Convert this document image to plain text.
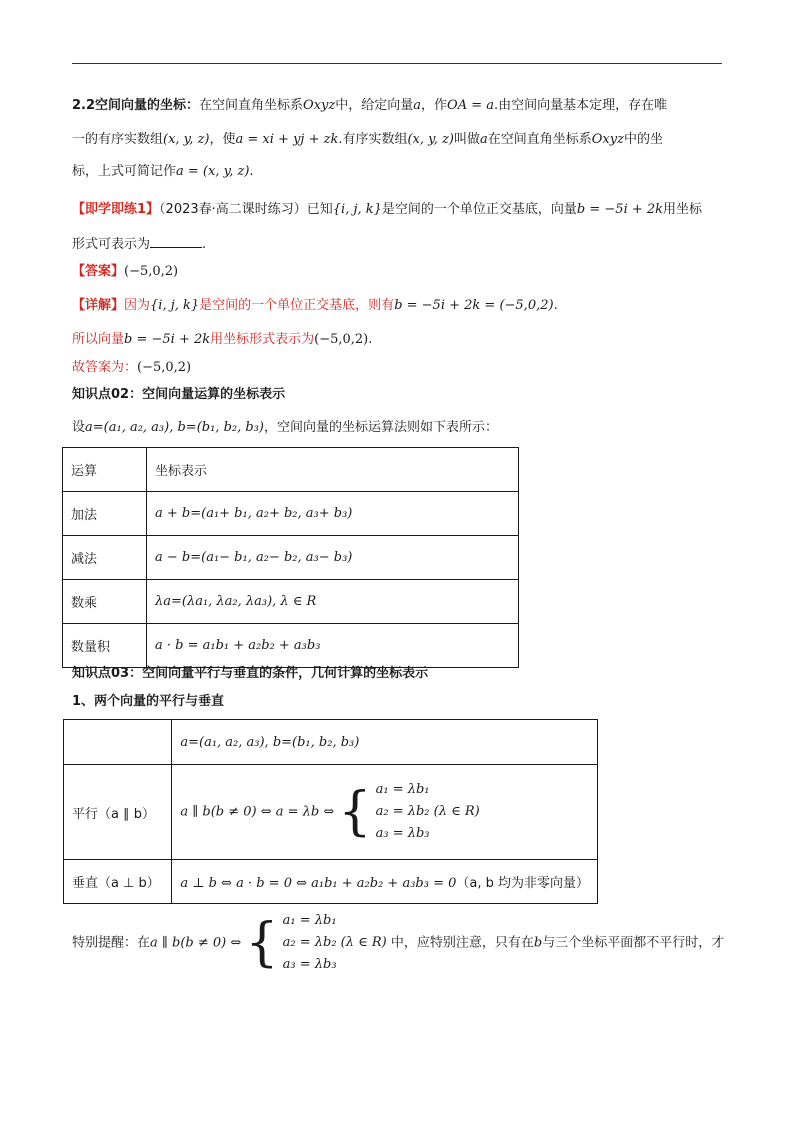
2.2空间向量的坐标：在空间直角坐标系Oxyz中，给定向量a，作OA = a.由空间向量基本定理，存在唯
一的有序实数组(x, y, z)，使a = xi + yj + zk.有序实数组(x, y, z)叫做a在空间直角坐标系Oxyz中的坐
标，上式可简记作a = (x, y, z).
【即学即练1】（2023春·高二课时练习）已知{i, j, k}是空间的一个单位正交基底，向量b = −5i + 2k用坐标
形式可表示为	.
【答案】(−5,0,2)
【详解】因为{i, j, k}是空间的一个单位正交基底，则有b = −5i + 2k = (−5,0,2).
所以向量b = −5i + 2k用坐标形式表示为(−5,0,2).
故答案为：(−5,0,2)
知识点02：空间向量运算的坐标表示
设a=(a₁, a₂, a₃), b=(b₁, b₂, b₃)，空间向量的坐标运算法则如下表所示：
运算	坐标表示
加法	a + b=(a₁+ b₁, a₂+ b₂, a₃+ b₃)
减法	a − b=(a₁− b₁, a₂− b₂, a₃− b₃)
数乘	λa=(λa₁, λa₂, λa₃), λ ∈ R
数量积	a · b = a₁b₁ + a₂b₂ + a₃b₃
知识点03：空间向量平行与垂直的条件，几何计算的坐标表示
1、两个向量的平行与垂直
	a=(a₁, a₂, a₃), b=(b₁, b₂, b₃)
平行（a ∥ b）	a ∥ b(b ≠ 0) ⇔ a = λb ⇔ { a₁ = λb₁
a₂ = λb₂ (λ ∈ R)
a₃ = λb₃

垂直（a ⊥ b）	a ⊥ b ⇔ a · b = 0 ⇔ a₁b₁ + a₂b₂ + a₃b₃ = 0（a, b 均为非零向量）
特别提醒：在a ∥ b(b ≠ 0) ⇔ { a₁ = λb₁
a₂ = λb₂ (λ ∈ R)
a₃ = λb₃
中，应特别注意，只有在b与三个坐标平面都不平行时，才
